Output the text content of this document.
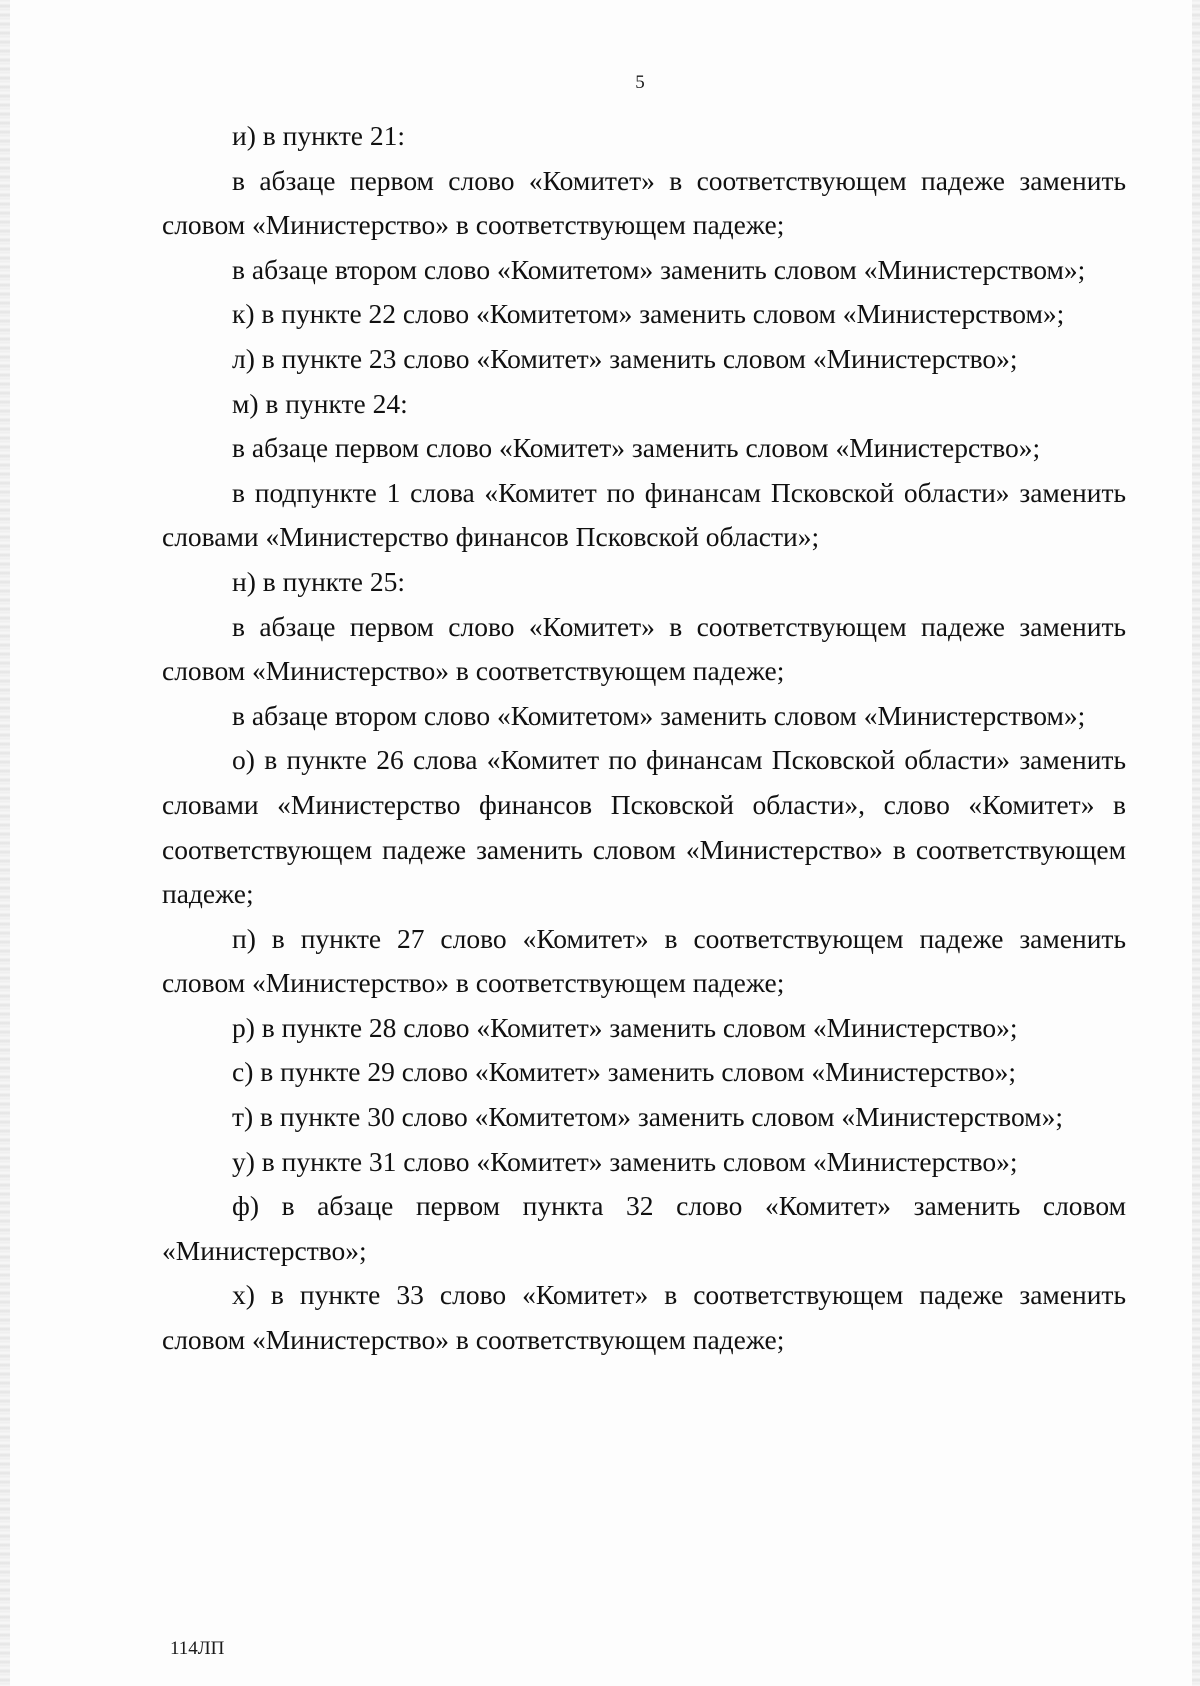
5

и) в пункте 21:

в абзаце первом слово «Комитет» в соответствующем падеже заменить словом «Министерство» в соответствующем падеже;

в абзаце втором слово «Комитетом» заменить словом «Министерством»;

к) в пункте 22 слово «Комитетом» заменить словом «Министерством»;

л) в пункте 23 слово «Комитет» заменить словом «Министерство»;

м) в пункте 24:

в абзаце первом слово «Комитет» заменить словом «Министерство»;

в подпункте 1 слова «Комитет по финансам Псковской области» заменить словами «Министерство финансов Псковской области»;

н) в пункте 25:

в абзаце первом слово «Комитет» в соответствующем падеже заменить словом «Министерство» в соответствующем падеже;

в абзаце втором слово «Комитетом» заменить словом «Министерством»;

о) в пункте 26 слова «Комитет по финансам Псковской области» заменить словами «Министерство финансов Псковской области», слово «Комитет» в соответствующем падеже заменить словом «Министерство» в соответствующем падеже;

п) в пункте 27 слово «Комитет» в соответствующем падеже заменить словом «Министерство» в соответствующем падеже;

р) в пункте 28 слово «Комитет» заменить словом «Министерство»;

с) в пункте 29 слово «Комитет» заменить словом «Министерство»;

т) в пункте 30 слово «Комитетом» заменить словом «Министерством»;

у) в пункте 31 слово «Комитет» заменить словом «Министерство»;

ф) в абзаце первом пункта 32 слово «Комитет» заменить словом «Министерство»;

х) в пункте 33 слово «Комитет» в соответствующем падеже заменить словом «Министерство» в соответствующем падеже;

114ЛП
